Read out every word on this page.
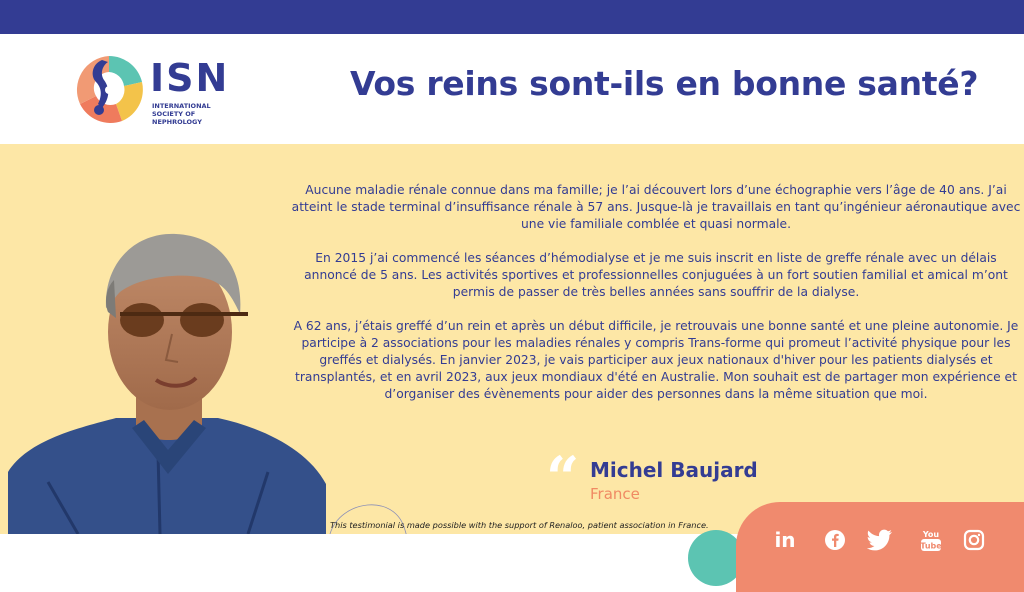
ISN
INTERNATIONAL SOCIETY OF NEPHROLOGY
Vos reins sont-ils en bonne santé?

Aucune maladie rénale connue dans ma famille; je l’ai découvert lors d’une échographie vers l’âge de 40 ans. J’ai atteint le stade terminal d’insuffisance rénale à 57 ans. Jusque-là je travaillais en tant qu’ingénieur aéronautique avec une vie familiale comblée et quasi normale.

En 2015 j’ai commencé les séances d’hémodialyse et je me suis inscrit en liste de greffe rénale avec un délais annoncé de 5 ans. Les activités sportives et professionnelles conjuguées à un fort soutien familial et amical m’ont permis de passer de très belles années sans souffrir de la dialyse.

A 62 ans, j’étais greffé d’un rein et après un début difficile, je retrouvais une bonne santé et une pleine autonomie. Je participe à 2 associations pour les maladies rénales y compris Trans-forme qui promeut l’activité physique pour les greffés et dialysés. En janvier 2023, je vais participer aux jeux nationaux d'hiver pour les patients dialysés et transplantés, et en avril 2023, aux jeux mondiaux d'été en Australie. Mon souhait est de partager mon expérience et d’organiser des évènements pour aider des personnes dans la même situation que moi.

“ Michel Baujard
France
This testimonial is made possible with the support of Renaloo, patient association in France.
in	You
Tube
